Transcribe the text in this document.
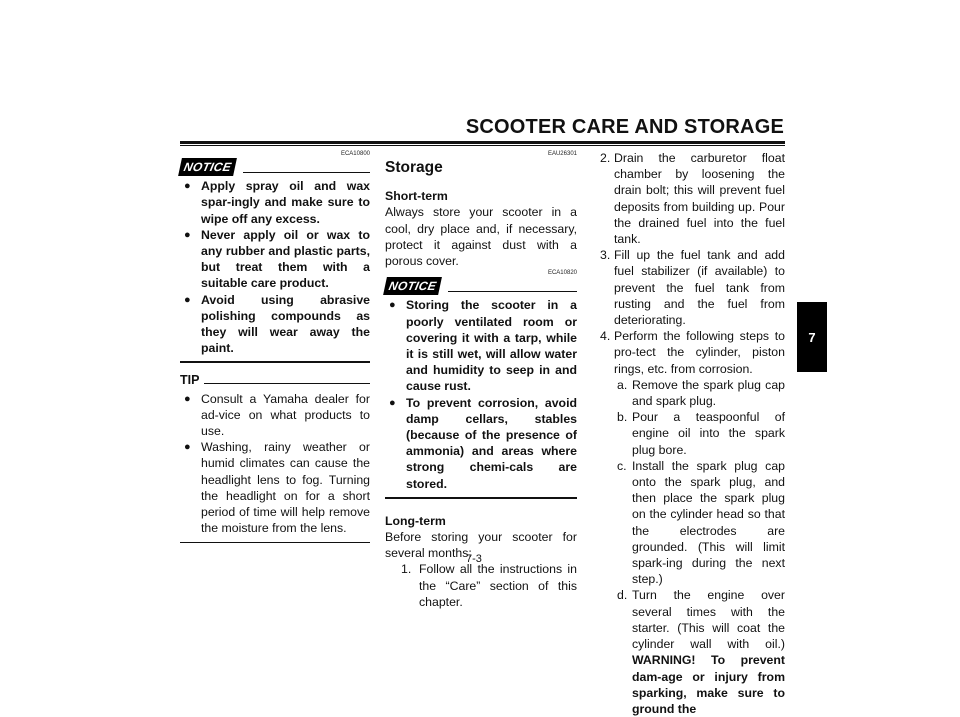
SCOOTER CARE AND STORAGE
ECA10800
NOTICE
● Apply spray oil and wax spar-ingly and make sure to wipe off any excess.
● Never apply oil or wax to any rubber and plastic parts, but treat them with a suitable care product.
● Avoid using abrasive polishing compounds as they will wear away the paint.
TIP
● Consult a Yamaha dealer for ad-vice on what products to use.
● Washing, rainy weather or humid climates can cause the headlight lens to fog. Turning the headlight on for a short period of time will help remove the moisture from the lens.
EAU26301
Storage
Short-term

Always store your scooter in a cool, dry place and, if necessary, protect it against dust with a porous cover.

ECA10820
NOTICE
● Storing the scooter in a poorly ventilated room or covering it with a tarp, while it is still wet, will allow water and humidity to seep in and cause rust.
● To prevent corrosion, avoid damp cellars, stables (because of the presence of ammonia) and areas where strong chemi-cals are stored.
Long-term

Before storing your scooter for several months:

1. Follow all the instructions in the “Care” section of this chapter.
2. Drain the carburetor float chamber by loosening the drain bolt; this will prevent fuel deposits from building up. Pour the drained fuel into the fuel tank.
3. Fill up the fuel tank and add fuel stabilizer (if available) to prevent the fuel tank from rusting and the fuel from deteriorating.
4. Perform the following steps to pro-tect the cylinder, piston rings, etc. from corrosion.
a. Remove the spark plug cap and spark plug.
b. Pour a teaspoonful of engine oil into the spark plug bore.
c. Install the spark plug cap onto the spark plug, and then place the spark plug on the cylinder head so that the electrodes are grounded. (This will limit spark-ing during the next step.)
d. Turn the engine over several times with the starter. (This will coat the cylinder wall with oil.) WARNING! To prevent dam-age or injury from sparking, make sure to ground the
7
7-3
